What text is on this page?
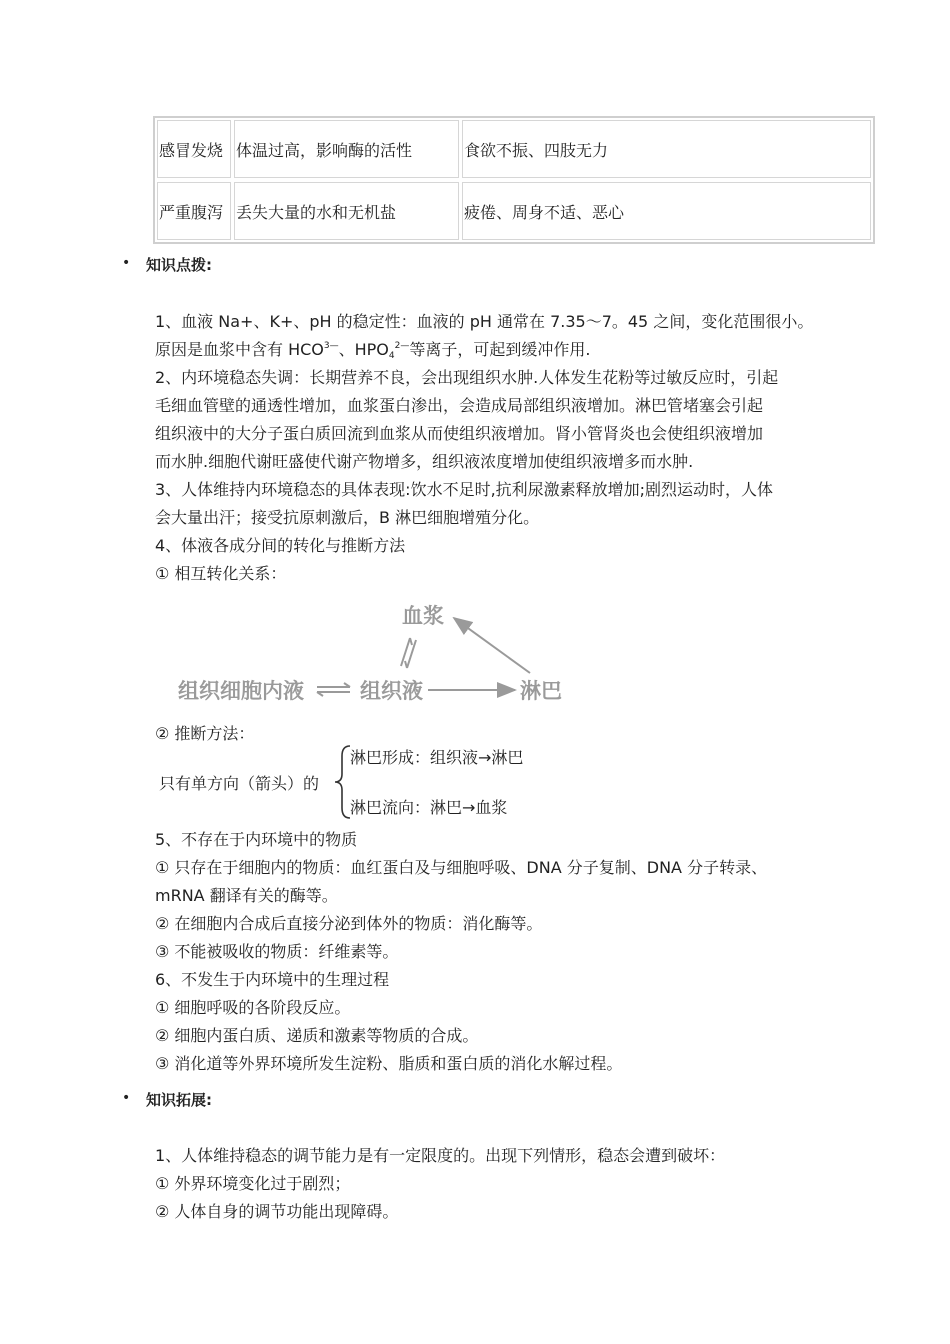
感冒发烧 体温过高，影响酶的活性	食欲不振、四肢无力
严重腹泻 丢失大量的水和无机盐	疲倦、周身不适、恶心
• 知识点拨:
1、血液 Na+、K+、pH 的稳定性：血液的 pH 通常在 7.35～7。45 之间，变化范围很小。
原因是血浆中含有 $HCO^{3—}$、$HPO_4^{2—}$等离子，可起到缓冲作用.
2、内环境稳态失调：长期营养不良，会出现组织水肿.人体发生花粉等过敏反应时，引起
毛细血管壁的通透性增加，血浆蛋白渗出，会造成局部组织液增加。淋巴管堵塞会引起
组织液中的大分子蛋白质回流到血浆从而使组织液增加。肾小管肾炎也会使组织液增加
而水肿.细胞代谢旺盛使代谢产物增多，组织液浓度增加使组织液增多而水肿.
3、人体维持内环境稳态的具体表现:饮水不足时,抗利尿激素释放增加;剧烈运动时，人体
会大量出汗；接受抗原刺激后，B 淋巴细胞增殖分化。
4、体液各成分间的转化与推断方法
① 相互转化关系：
血浆
组织细胞内液	组织液	淋巴
② 推断方法：
只有单方向（箭头）的
淋巴形成：组织液→淋巴
淋巴流向：淋巴→血浆
5、不存在于内环境中的物质
① 只存在于细胞内的物质：血红蛋白及与细胞呼吸、DNA 分子复制、DNA 分子转录、
mRNA 翻译有关的酶等。
② 在细胞内合成后直接分泌到体外的物质：消化酶等。
③ 不能被吸收的物质：纤维素等。
6、不发生于内环境中的生理过程
① 细胞呼吸的各阶段反应。
② 细胞内蛋白质、递质和激素等物质的合成。
③ 消化道等外界环境所发生淀粉、脂质和蛋白质的消化水解过程。
• 知识拓展:
1、人体维持稳态的调节能力是有一定限度的。出现下列情形，稳态会遭到破坏：
① 外界环境变化过于剧烈；
② 人体自身的调节功能出现障碍。
